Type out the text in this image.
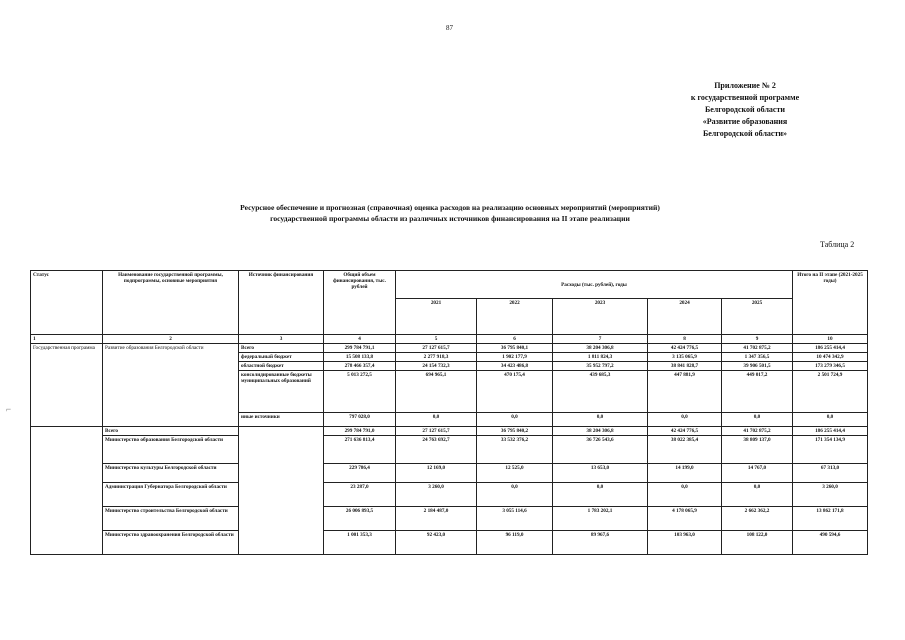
87
Приложение № 2
к государственной программе
Белгородской области
«Развитие образования
Белгородской области»
Ресурсное обеспечение и прогнозная (справочная) оценка расходов на реализацию основных мероприятий (мероприятий)
государственной программы области из различных источников финансирования на II этапе реализации
Таблица 2
Статус	Наименование государственной программы, подпрограммы, основные мероприятия	Источник финансирования	Общий объем финансирования, тыс. рублей	Расходы (тыс. рублей), годы					Итого на II этапе (2021-2025 годы)
				2021	2022	2023	2024	2025	
1	2	3	4	5	6	7	8	9	10
Государственная программа	Развитие образования Белгородской области	Всего	299 784 791,1	27 127 615,7	36 795 840,1	38 204 306,8	42 424 776,5	41 702 875,2	186 255 414,4
		федеральный бюджет	15 508 133,8	2 277 918,3	1 902 177,9	1 811 824,3	3 135 065,9	1 347 356,5	10 474 342,9
		областной бюджет	278 466 357,4	24 154 732,3	34 423 486,8	35 952 797,2	38 841 828,7	39 906 501,5	173 279 346,5
		консолидированные бюджеты муниципальных образований	5 013 272,5	694 965,1	470 175,4	439 685,3	447 881,9	449 017,2	2 501 724,9
		иные источники	797 028,0	0,0	0,0	0,0	0,0	0,0	0,0
	Всего		299 784 791,0	27 127 615,7	36 795 840,2	38 204 306,8	42 424 776,5	41 702 875,2	186 255 414,4
	Министерство образования Белгородской области		271 636 813,4	24 763 692,7	33 532 376,2	36 726 543,6	38 022 385,4	38 809 137,0	171 354 134,9
	Министерство культуры Белгородской области		229 786,4	12 169,0	12 525,0	13 653,0	14 199,0	14 767,0	67 313,0
	Администрация Губернатора Белгородской области		23 287,0	3 260,0	0,0	0,0	0,0	0,0	3 260,0
	Министерство строительства Белгородской области		26 006 893,5	2 184 487,0	3 055 114,6	1 783 202,1	4 178 065,9	2 662 362,2	13 862 171,8
	Министерство здравоохранения Белгородской области		1 001 353,3	92 423,0	96 119,0	89 967,6	103 963,0	108 122,0	490 594,6
⌐
